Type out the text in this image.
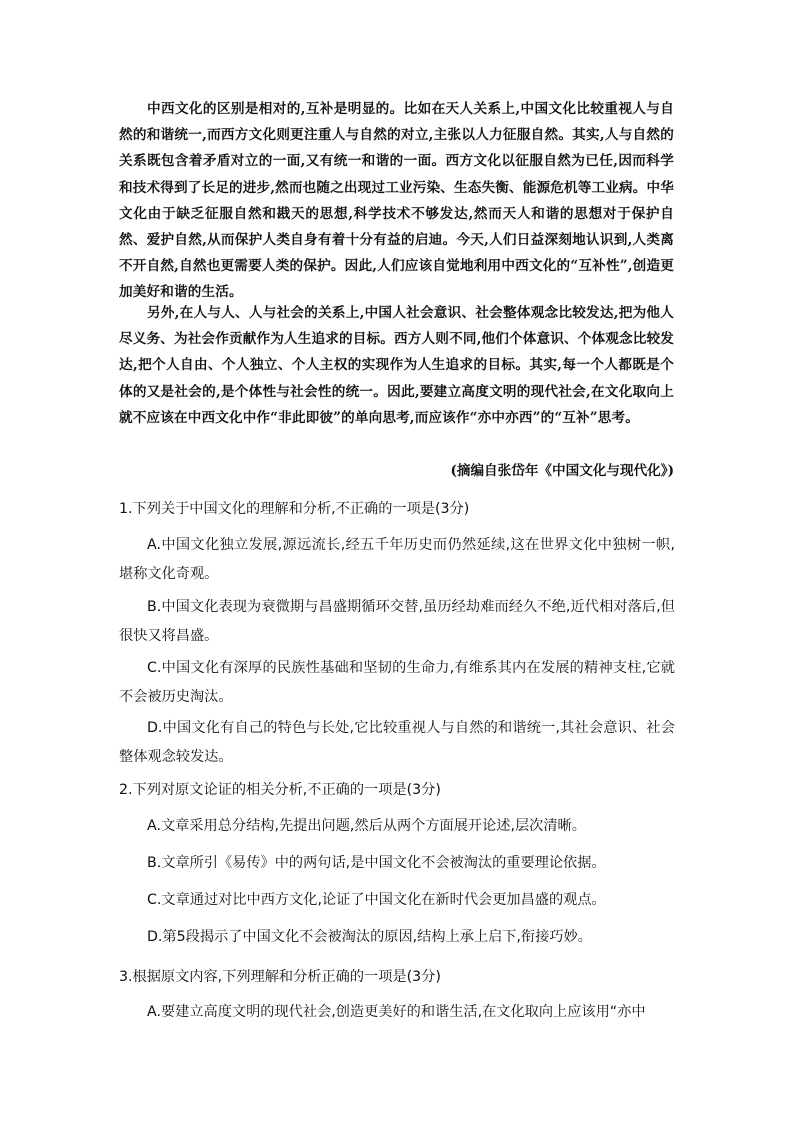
中西文化的区别是相对的,互补是明显的。比如在天人关系上,中国文化比较重视人与自然的和谐统一,而西方文化则更注重人与自然的对立,主张以人力征服自然。其实,人与自然的关系既包含着矛盾对立的一面,又有统一和谐的一面。西方文化以征服自然为已任,因而科学和技术得到了长足的进步,然而也随之出现过工业污染、生态失衡、能源危机等工业病。中华文化由于缺乏征服自然和戡天的思想,科学技术不够发达,然而天人和谐的思想对于保护自然、爱护自然,从而保护人类自身有着十分有益的启迪。今天,人们日益深刻地认识到,人类离不开自然,自然也更需要人类的保护。因此,人们应该自觉地利用中西文化的“互补性”,创造更加美好和谐的生活。

另外,在人与人、人与社会的关系上,中国人社会意识、社会整体观念比较发达,把为他人尽义务、为社会作贡献作为人生追求的目标。西方人则不同,他们个体意识、个体观念比较发达,把个人自由、个人独立、个人主权的实现作为人生追求的目标。其实,每一个人都既是个体的又是社会的,是个体性与社会性的统一。因此,要建立高度文明的现代社会,在文化取向上就不应该在中西文化中作“非此即彼”的单向思考,而应该作“亦中亦西”的“互补”思考。

(摘编自张岱年《中国文化与现代化》)
1.下列关于中国文化的理解和分析,不正确的一项是(3分)
A.中国文化独立发展,源远流长,经五千年历史而仍然延续,这在世界文化中独树一帜,堪称文化奇观。
B.中国文化表现为衰微期与昌盛期循环交替,虽历经劫难而经久不绝,近代相对落后,但很快又将昌盛。
C.中国文化有深厚的民族性基础和坚韧的生命力,有维系其内在发展的精神支柱,它就不会被历史淘汰。
D.中国文化有自己的特色与长处,它比较重视人与自然的和谐统一,其社会意识、社会整体观念较发达。
2.下列对原文论证的相关分析,不正确的一项是(3分)
A.文章采用总分结构,先提出问题,然后从两个方面展开论述,层次清晰。
B.文章所引《易传》中的两句话,是中国文化不会被淘汰的重要理论依据。
C.文章通过对比中西方文化,论证了中国文化在新时代会更加昌盛的观点。
D.第5段揭示了中国文化不会被淘汰的原因,结构上承上启下,衔接巧妙。
3.根据原文内容,下列理解和分析正确的一项是(3分)
A.要建立高度文明的现代社会,创造更美好的和谐生活,在文化取向上应该用“亦中
